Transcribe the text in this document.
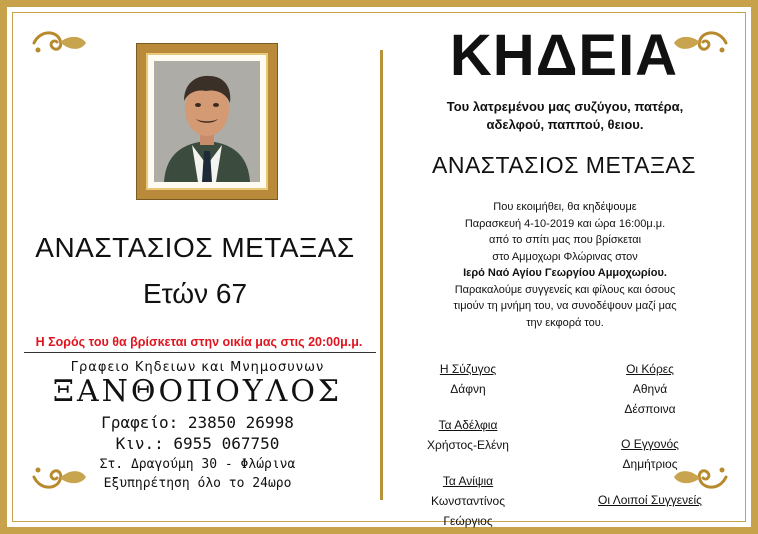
ΑΝΑΣΤΑΣΙΟΣ ΜΕΤΑΞΑΣ
Ετών 67
Η Σορός του θα βρίσκεται στην οικία μας στις 20:00μ.μ.
Γραφειο Κηδειων και Μνημοσυνων
ΞΑΝΘΟΠΟΥΛΟΣ
Γραφείο: 23850 26998
Κιν.: 6955 067750
Στ. Δραγούμη 30 - Φλώρινα
Εξυπηρέτηση όλο το 24ωρο
ΚΗΔΕΙΑ
Του λατρεμένου μας συζύγου, πατέρα,
αδελφού, παππού, θειου.
ΑΝΑΣΤΑΣΙΟΣ ΜΕΤΑΞΑΣ
Που εκοιμήθει, θα κηδέψουμε
Παρασκευή 4-10-2019 και ώρα 16:00μ.μ.
από το σπίτι μας που βρίσκεται
στο Αμμοχωρι Φλώρινας στον
Ιερό Ναό Αγίου Γεωργίου Αμμοχωρίου.
Παρακαλούμε συγγενείς και φίλους και όσους
τιμούν τη μνήμη του, να συνοδέψουν μαζί μας
την εκφορά του.
Η Σύζυγος
Δάφνη
Οι Κόρες
Αθηνά
Δέσποινα
Τα Αδέλφια
Χρήστος-Ελένη	Ο Εγγονός
Δημήτριος
Τα Ανίψια
Κωνσταντίνος
Γεώργιος
Οι Λοιποί Συγγενείς
